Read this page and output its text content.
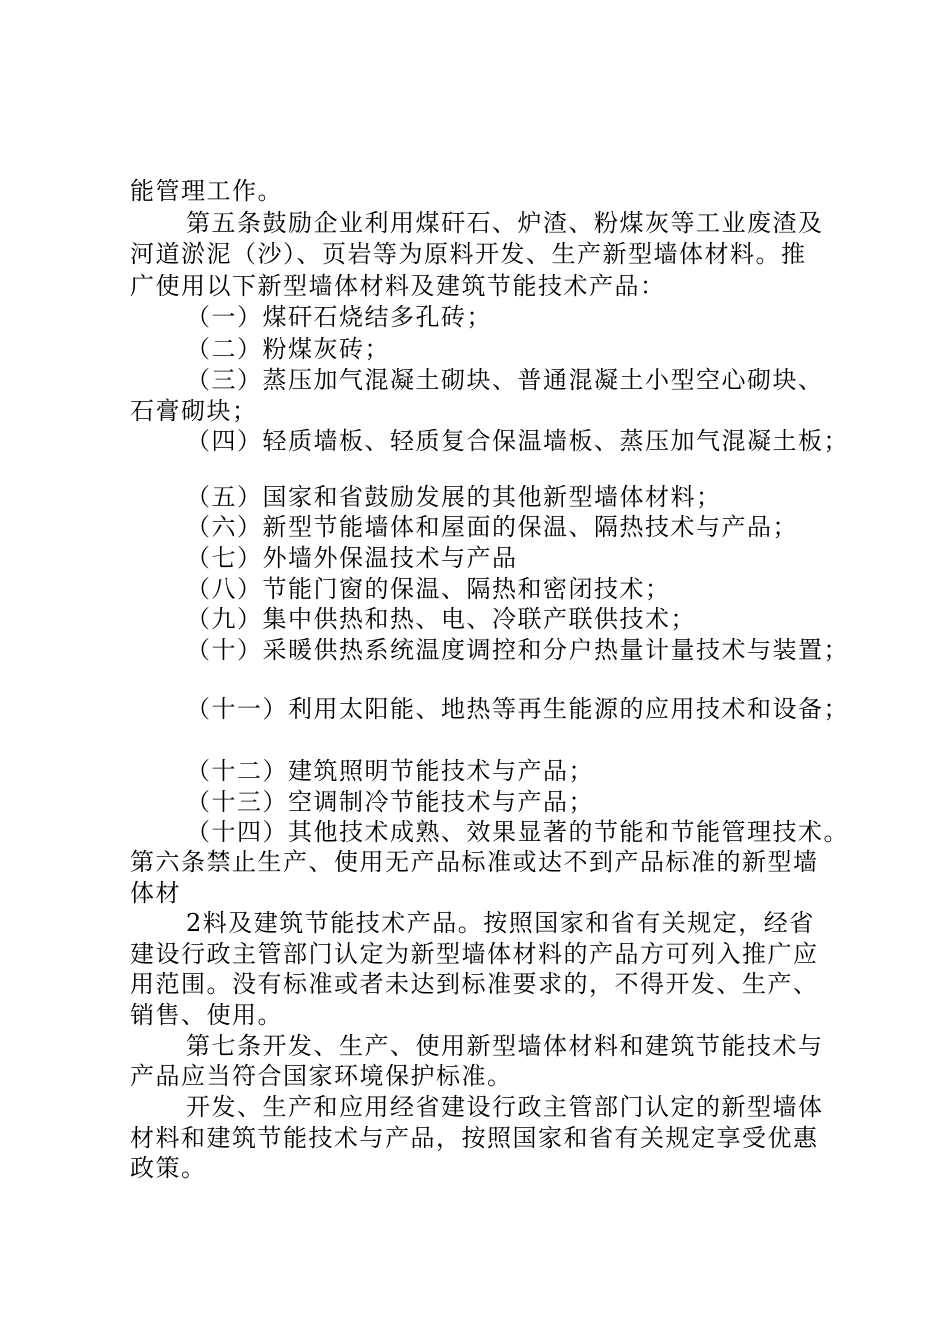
能管理工作。
第五条鼓励企业利用煤矸石、炉渣、粉煤灰等工业废渣及
河道淤泥（沙）、页岩等为原料开发、生产新型墙体材料。推
广使用以下新型墙体材料及建筑节能技术产品：
（一）煤矸石烧结多孔砖；
（二）粉煤灰砖；
（三）蒸压加气混凝土砌块、普通混凝土小型空心砌块、
石膏砌块；
（四）轻质墙板、轻质复合保温墙板、蒸压加气混凝土板；
（五）国家和省鼓励发展的其他新型墙体材料；
（六）新型节能墙体和屋面的保温、隔热技术与产品；
（七）外墙外保温技术与产品
（八）节能门窗的保温、隔热和密闭技术；
（九）集中供热和热、电、冷联产联供技术；
（十）采暖供热系统温度调控和分户热量计量技术与装置；
（十一）利用太阳能、地热等再生能源的应用技术和设备；
（十二）建筑照明节能技术与产品；
（十三）空调制冷节能技术与产品；
（十四）其他技术成熟、效果显著的节能和节能管理技术。
第六条禁止生产、使用无产品标准或达不到产品标准的新型墙
体材
2料及建筑节能技术产品。按照国家和省有关规定，经省
建设行政主管部门认定为新型墙体材料的产品方可列入推广应
用范围。没有标准或者未达到标准要求的，不得开发、生产、
销售、使用。
第七条开发、生产、使用新型墙体材料和建筑节能技术与
产品应当符合国家环境保护标准。
开发、生产和应用经省建设行政主管部门认定的新型墙体
材料和建筑节能技术与产品，按照国家和省有关规定享受优惠
政策。
